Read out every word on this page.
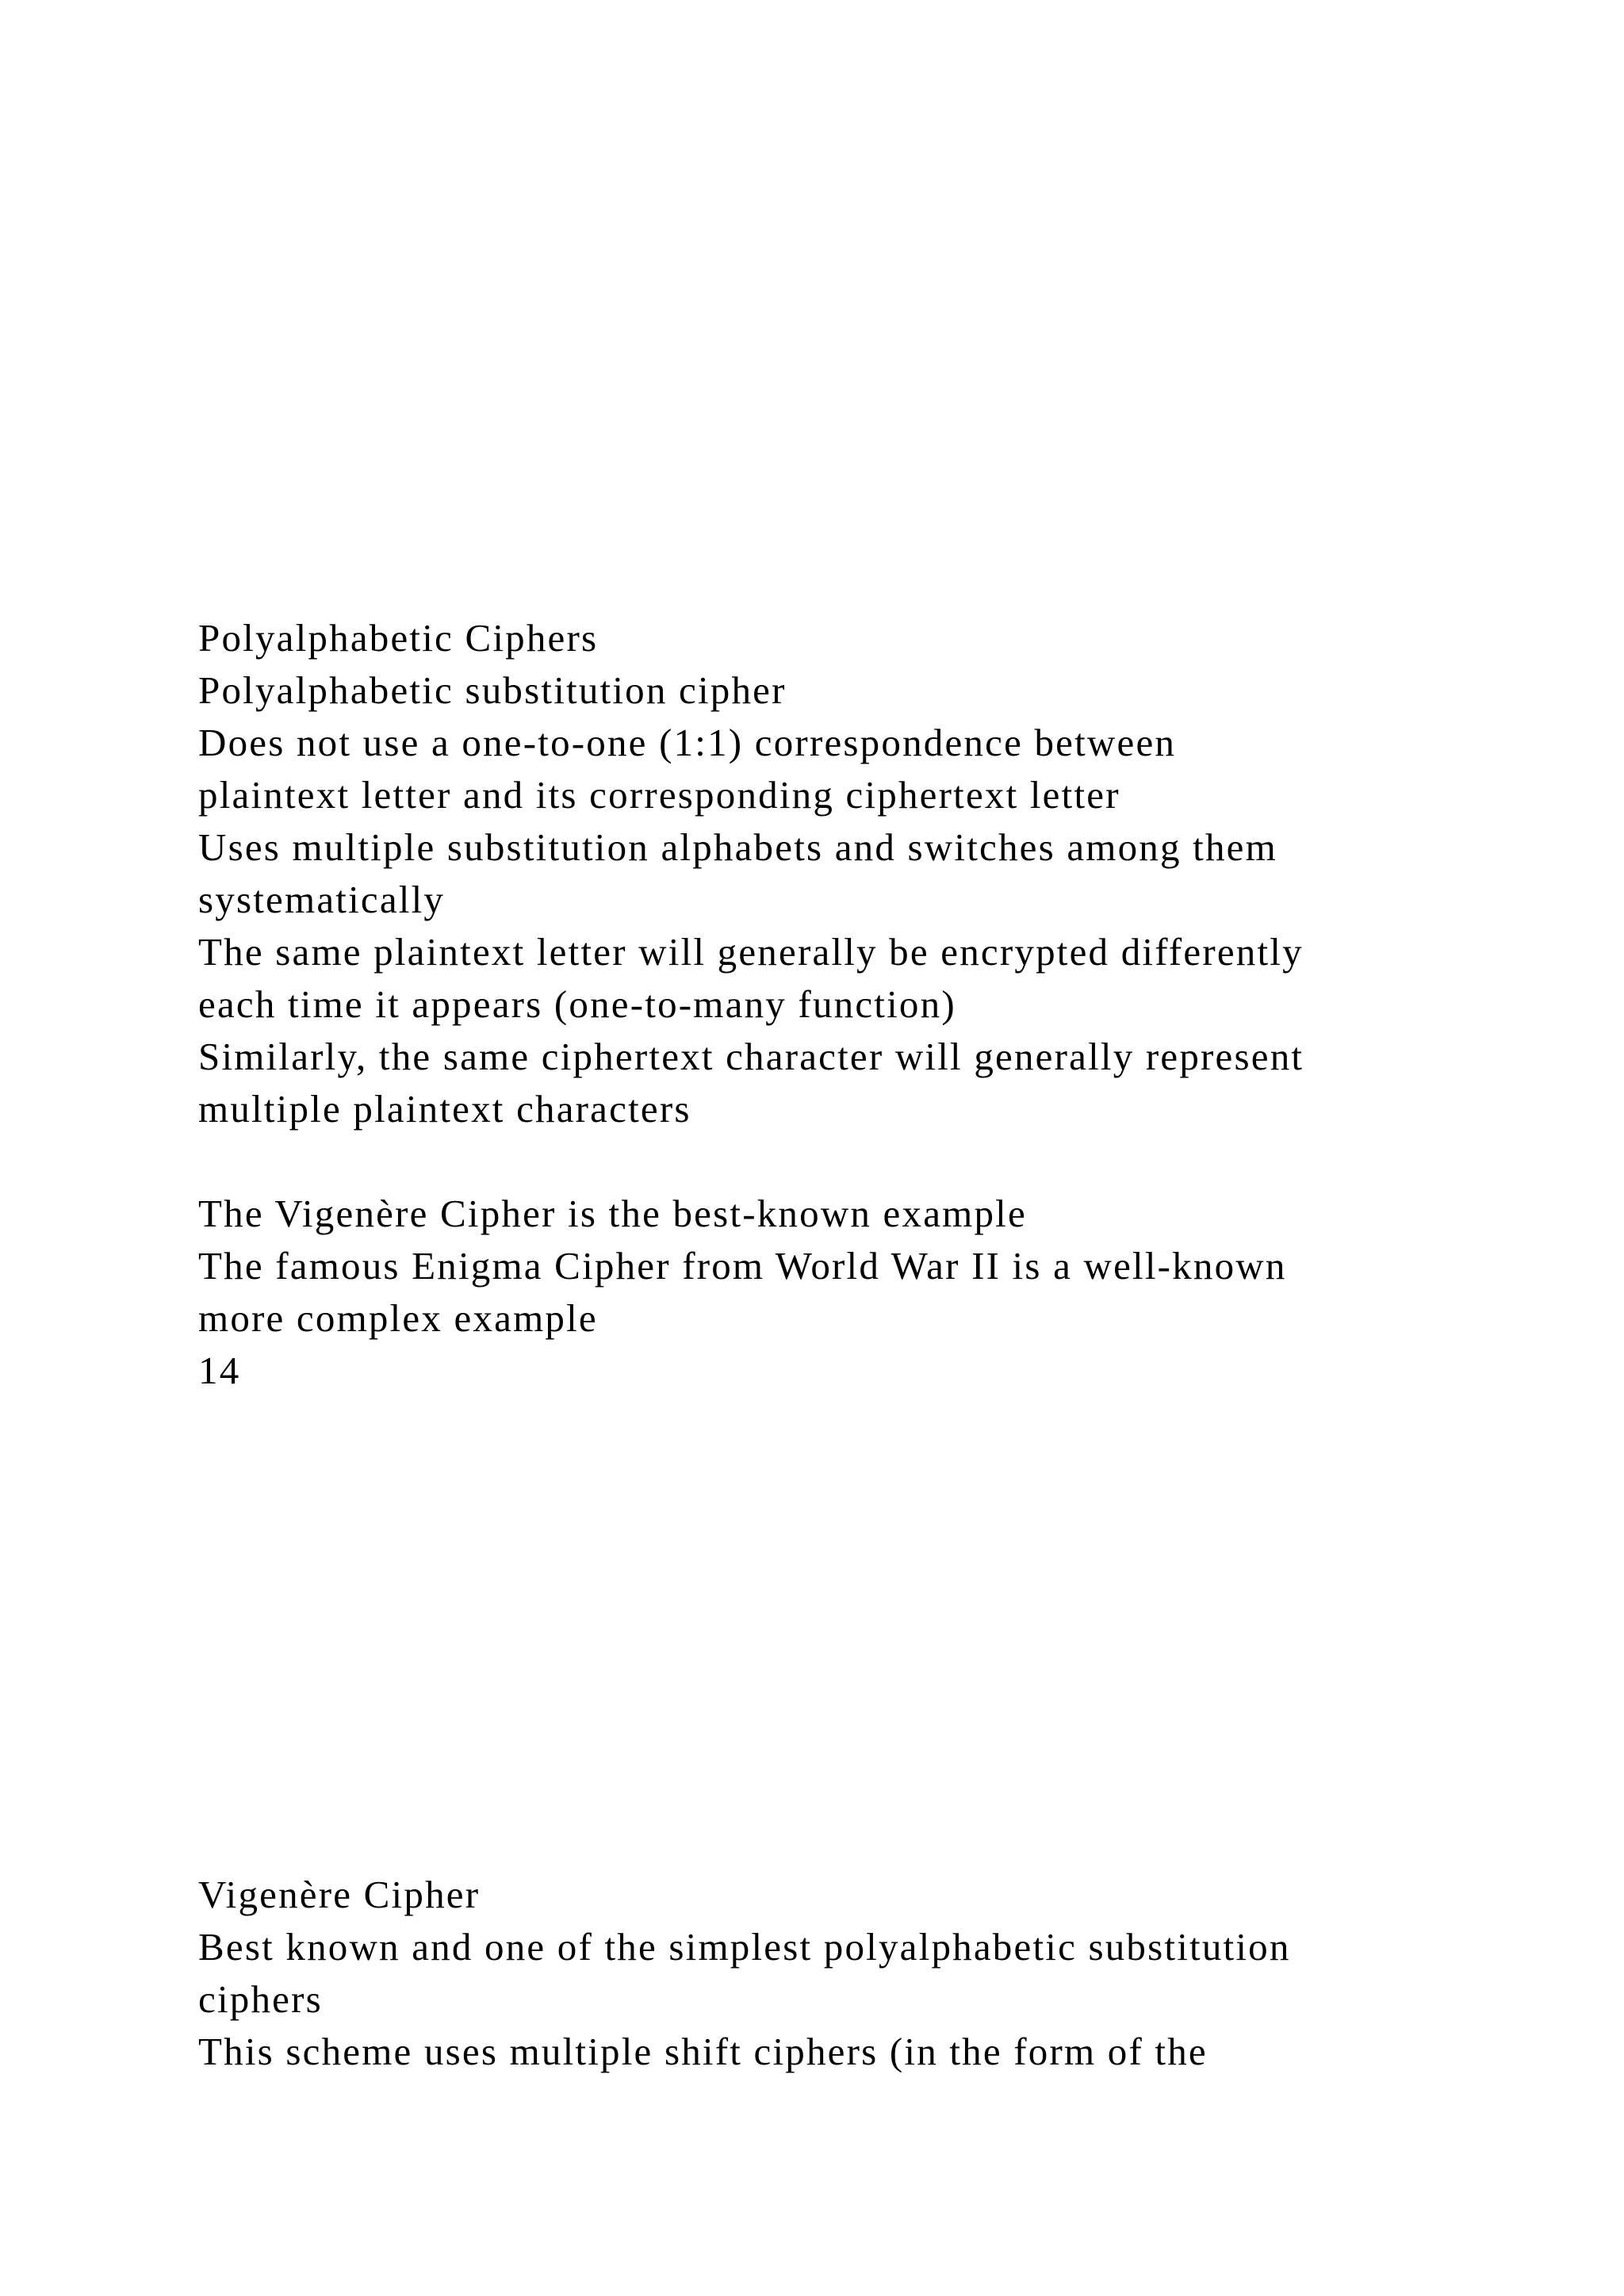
Polyalphabetic Ciphers
Polyalphabetic substitution cipher
Does not use a one-to-one (1:1) correspondence between
plaintext letter and its corresponding ciphertext letter
Uses multiple substitution alphabets and switches among them
systematically
The same plaintext letter will generally be encrypted differently
each time it appears (one-to-many function)
Similarly, the same ciphertext character will generally represent
multiple plaintext characters
The Vigenère Cipher is the best-known example
The famous Enigma Cipher from World War II is a well-known
more complex example
14
Vigenère Cipher
Best known and one of the simplest polyalphabetic substitution
ciphers
This scheme uses multiple shift ciphers (in the form of the
